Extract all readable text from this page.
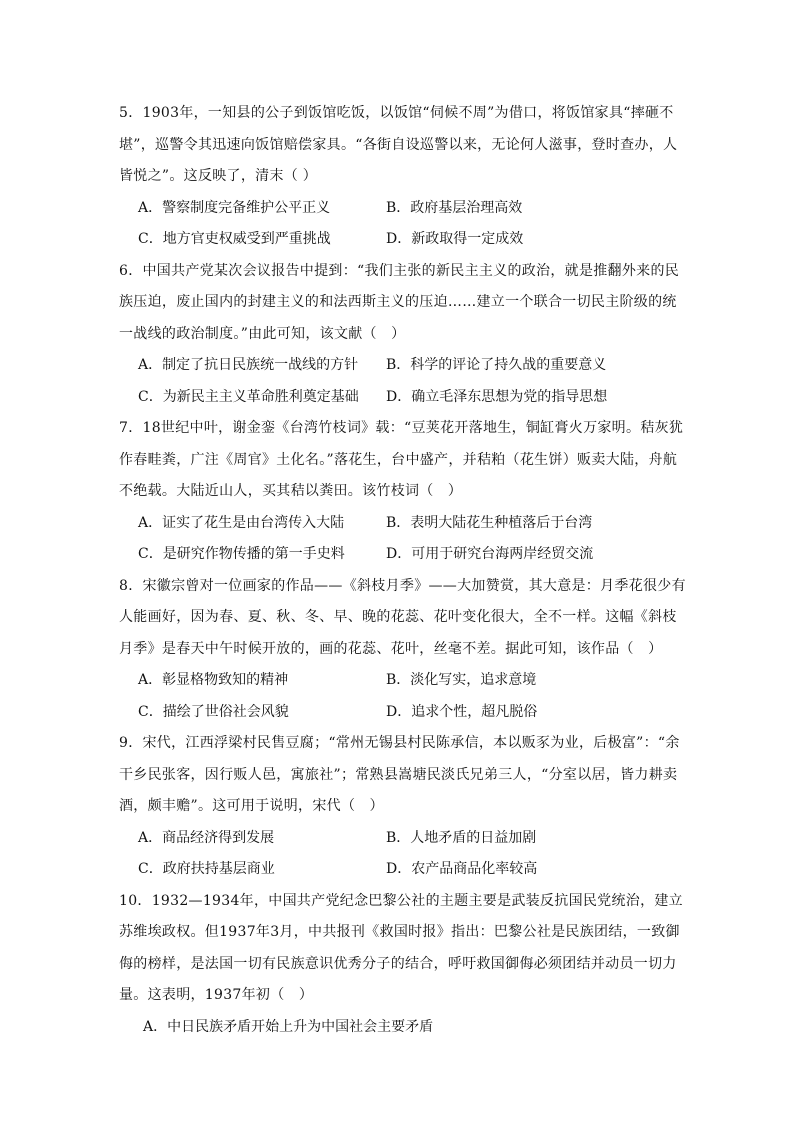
5．1903年，一知县的公子到饭馆吃饭，以饭馆“伺候不周”为借口，将饭馆家具“摔砸不堪”，巡警令其迅速向饭馆赔偿家具。“各街自设巡警以来，无论何人滋事，登时查办，人皆悦之”。这反映了，清末（ ）

A．警察制度完备维护公平正义	B．政府基层治理高效
C．地方官吏权威受到严重挑战	D．新政取得一定成效

6．中国共产党某次会议报告中提到：“我们主张的新民主主义的政治，就是推翻外来的民族压迫，废止国内的封建主义的和法西斯主义的压迫……建立一个联合一切民主阶级的统一战线的政治制度。”由此可知，该文献（　）

A．制定了抗日民族统一战线的方针	B．科学的评论了持久战的重要意义
C．为新民主主义革命胜利奠定基础	D．确立毛泽东思想为党的指导思想

7．18世纪中叶，谢金銮《台湾竹枝词》载：“豆荚花开落地生，铜缸膏火万家明。秸灰犹作春畦粪，广注《周官》土化名。”落花生，台中盛产，并秸粕（花生饼）贩卖大陆，舟航不绝载。大陆近山人，买其秸以粪田。该竹枝词（　）

A．证实了花生是由台湾传入大陆	B．表明大陆花生种植落后于台湾
C．是研究作物传播的第一手史料	D．可用于研究台海两岸经贸交流

8．宋徽宗曾对一位画家的作品——《斜枝月季》——大加赞赏，其大意是：月季花很少有人能画好，因为春、夏、秋、冬、早、晚的花蕊、花叶变化很大，全不一样。这幅《斜枝月季》是春天中午时候开放的，画的花蕊、花叶，丝毫不差。据此可知，该作品（　）

A．彰显格物致知的精神	B．淡化写实，追求意境
C．描绘了世俗社会风貌	D．追求个性，超凡脱俗

9．宋代，江西浮梁村民售豆腐；“常州无锡县村民陈承信，本以贩豕为业，后极富”：“余干乡民张客，因行贩人邑，寓旅社”；常熟县嵩塘民淡氏兄弟三人，“分室以居，皆力耕卖酒，颇丰赡”。这可用于说明，宋代（　）

A．商品经济得到发展	B．人地矛盾的日益加剧
C．政府扶持基层商业	D．农产品商品化率较高

10．1932—1934年，中国共产党纪念巴黎公社的主题主要是武装反抗国民党统治，建立苏维埃政权。但1937年3月，中共报刊《救国时报》指出：巴黎公社是民族团结，一致御侮的榜样，是法国一切有民族意识优秀分子的结合，呼吁救国御侮必须团结并动员一切力量。这表明，1937年初（　）

A．中日民族矛盾开始上升为中国社会主要矛盾
